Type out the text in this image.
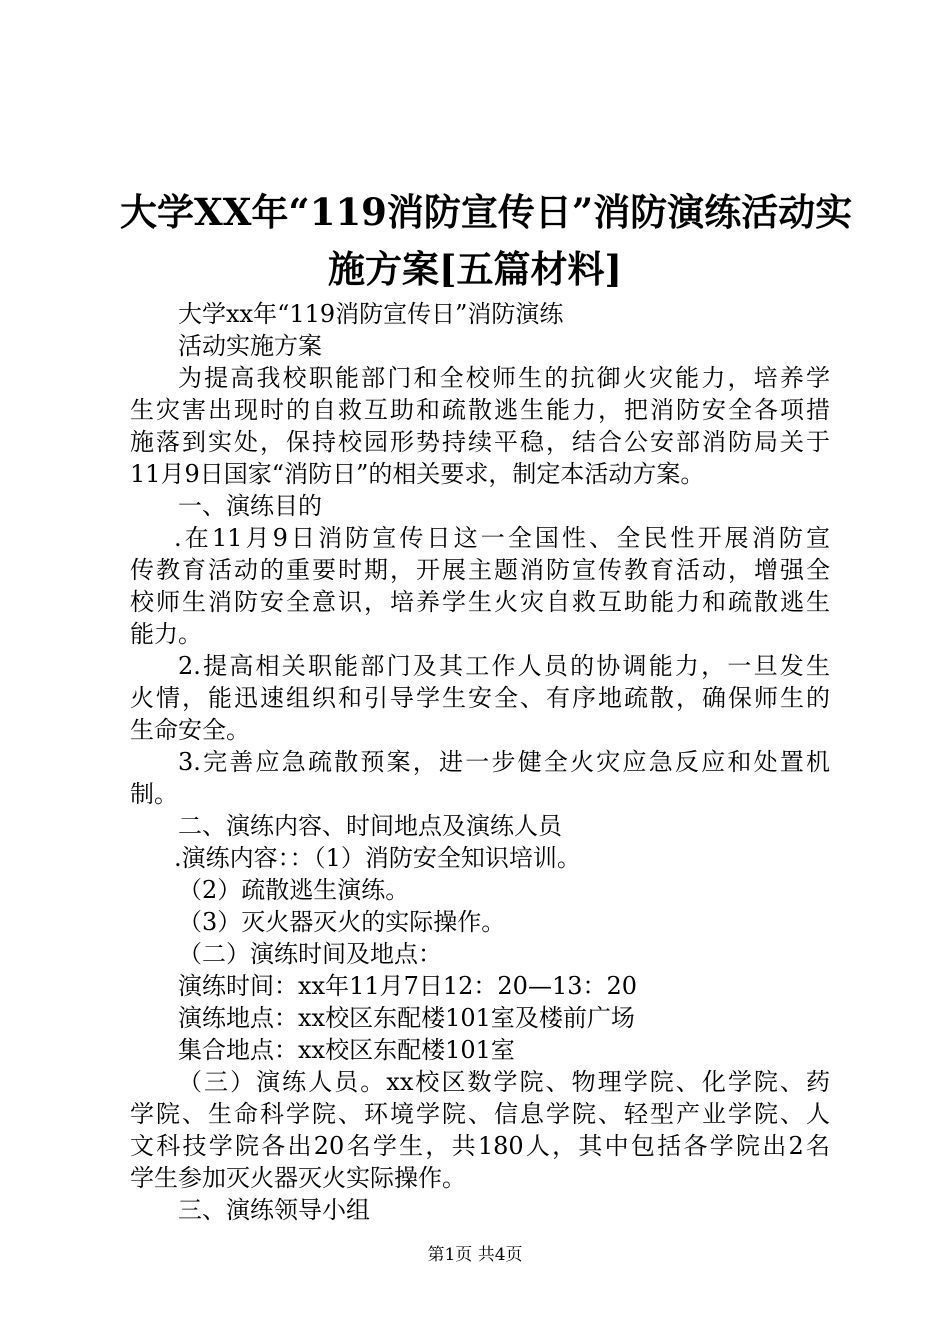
大学XX年“119消防宣传日”消防演练活动实
施方案[五篇材料]
大学xx年“119消防宣传日”消防演练
活动实施方案
为提高我校职能部门和全校师生的抗御火灾能力，培养学
生灾害出现时的自救互助和疏散逃生能力，把消防安全各项措
施落到实处，保持校园形势持续平稳，结合公安部消防局关于
11月9日国家“消防日”的相关要求，制定本活动方案。
一、演练目的
.在11月9日消防宣传日这一全国性、全民性开展消防宣
传教育活动的重要时期，开展主题消防宣传教育活动，增强全
校师生消防安全意识，培养学生火灾自救互助能力和疏散逃生
能力。
2.提高相关职能部门及其工作人员的协调能力，一旦发生
火情，能迅速组织和引导学生安全、有序地疏散，确保师生的
生命安全。
3.完善应急疏散预案，进一步健全火灾应急反应和处置机
制。
二、演练内容、时间地点及演练人员
.演练内容：：（1）消防安全知识培训。
（2）疏散逃生演练。
（3）灭火器灭火的实际操作。
（二）演练时间及地点：
演练时间：xx年11月7日12：20—13：20
演练地点：xx校区东配楼101室及楼前广场
集合地点：xx校区东配楼101室
（三）演练人员。xx校区数学院、物理学院、化学院、药
学院、生命科学院、环境学院、信息学院、轻型产业学院、人
文科技学院各出20名学生，共180人，其中包括各学院出2名
学生参加灭火器灭火实际操作。
三、演练领导小组
第1页 共4页
